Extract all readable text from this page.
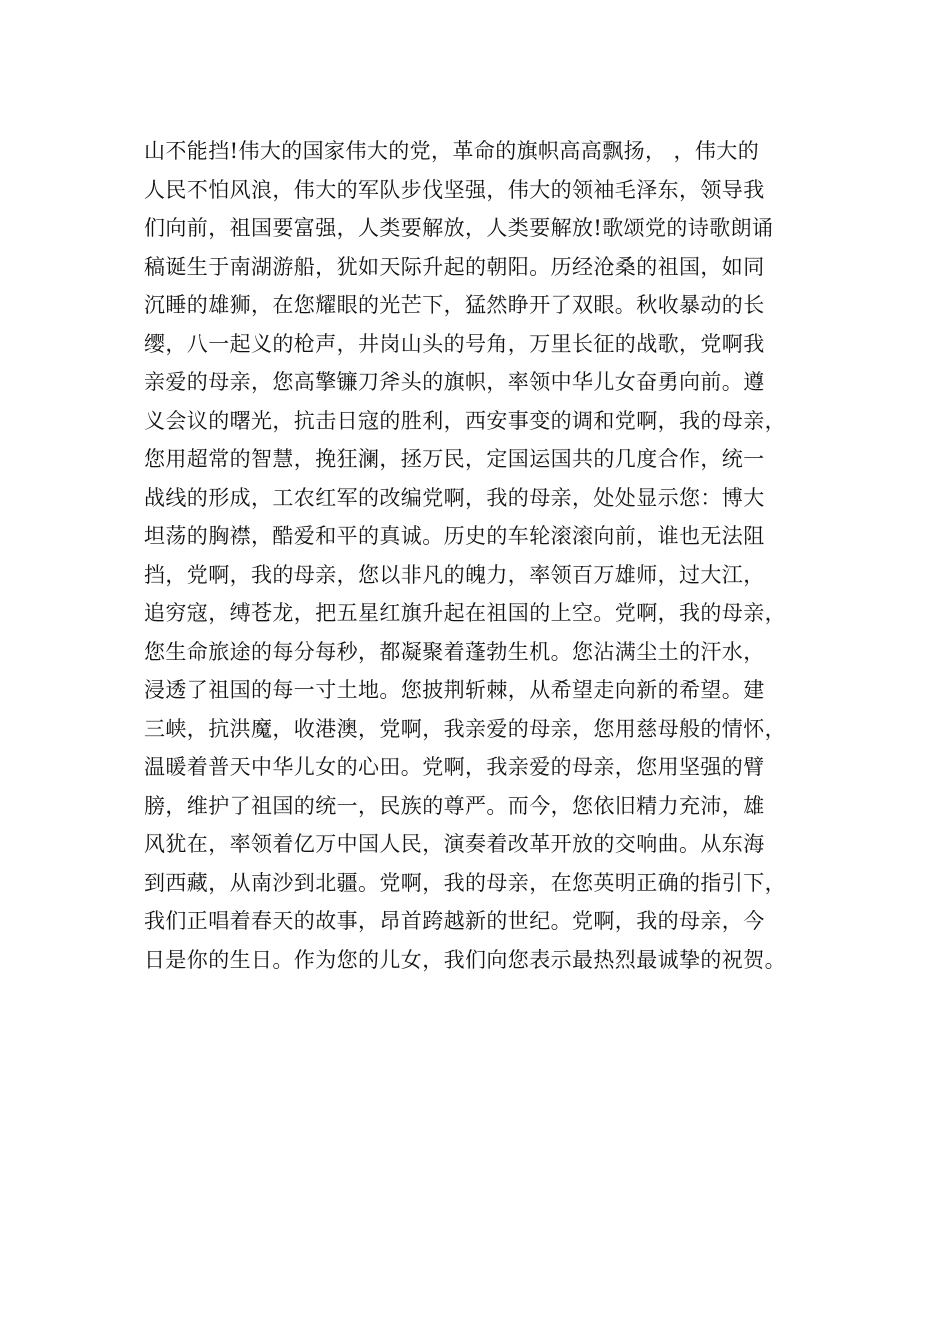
山不能挡!伟大的国家伟大的党，革命的旗帜高高飘扬， ，伟大的
人民不怕风浪，伟大的军队步伐坚强，伟大的领袖毛泽东，领导我
们向前，祖国要富强，人类要解放，人类要解放!歌颂党的诗歌朗诵
稿诞生于南湖游船，犹如天际升起的朝阳。历经沧桑的祖国，如同
沉睡的雄狮，在您耀眼的光芒下，猛然睁开了双眼。秋收暴动的长
缨，八一起义的枪声，井岗山头的号角，万里长征的战歌，党啊我
亲爱的母亲，您高擎镰刀斧头的旗帜，率领中华儿女奋勇向前。遵
义会议的曙光，抗击日寇的胜利，西安事变的调和党啊，我的母亲，
您用超常的智慧，挽狂澜，拯万民，定国运国共的几度合作，统一
战线的形成，工农红军的改编党啊，我的母亲，处处显示您：博大
坦荡的胸襟，酷爱和平的真诚。历史的车轮滚滚向前，谁也无法阻
挡，党啊，我的母亲，您以非凡的魄力，率领百万雄师，过大江，
追穷寇，缚苍龙，把五星红旗升起在祖国的上空。党啊，我的母亲，
您生命旅途的每分每秒，都凝聚着蓬勃生机。您沾满尘土的汗水，
浸透了祖国的每一寸土地。您披荆斩棘，从希望走向新的希望。建
三峡，抗洪魔，收港澳，党啊，我亲爱的母亲，您用慈母般的情怀，
温暖着普天中华儿女的心田。党啊，我亲爱的母亲，您用坚强的臂
膀，维护了祖国的统一，民族的尊严。而今，您依旧精力充沛，雄
风犹在，率领着亿万中国人民，演奏着改革开放的交响曲。从东海
到西藏，从南沙到北疆。党啊，我的母亲，在您英明正确的指引下，
我们正唱着春天的故事，昂首跨越新的世纪。党啊，我的母亲，今
日是你的生日。作为您的儿女，我们向您表示最热烈最诚挚的祝贺。
